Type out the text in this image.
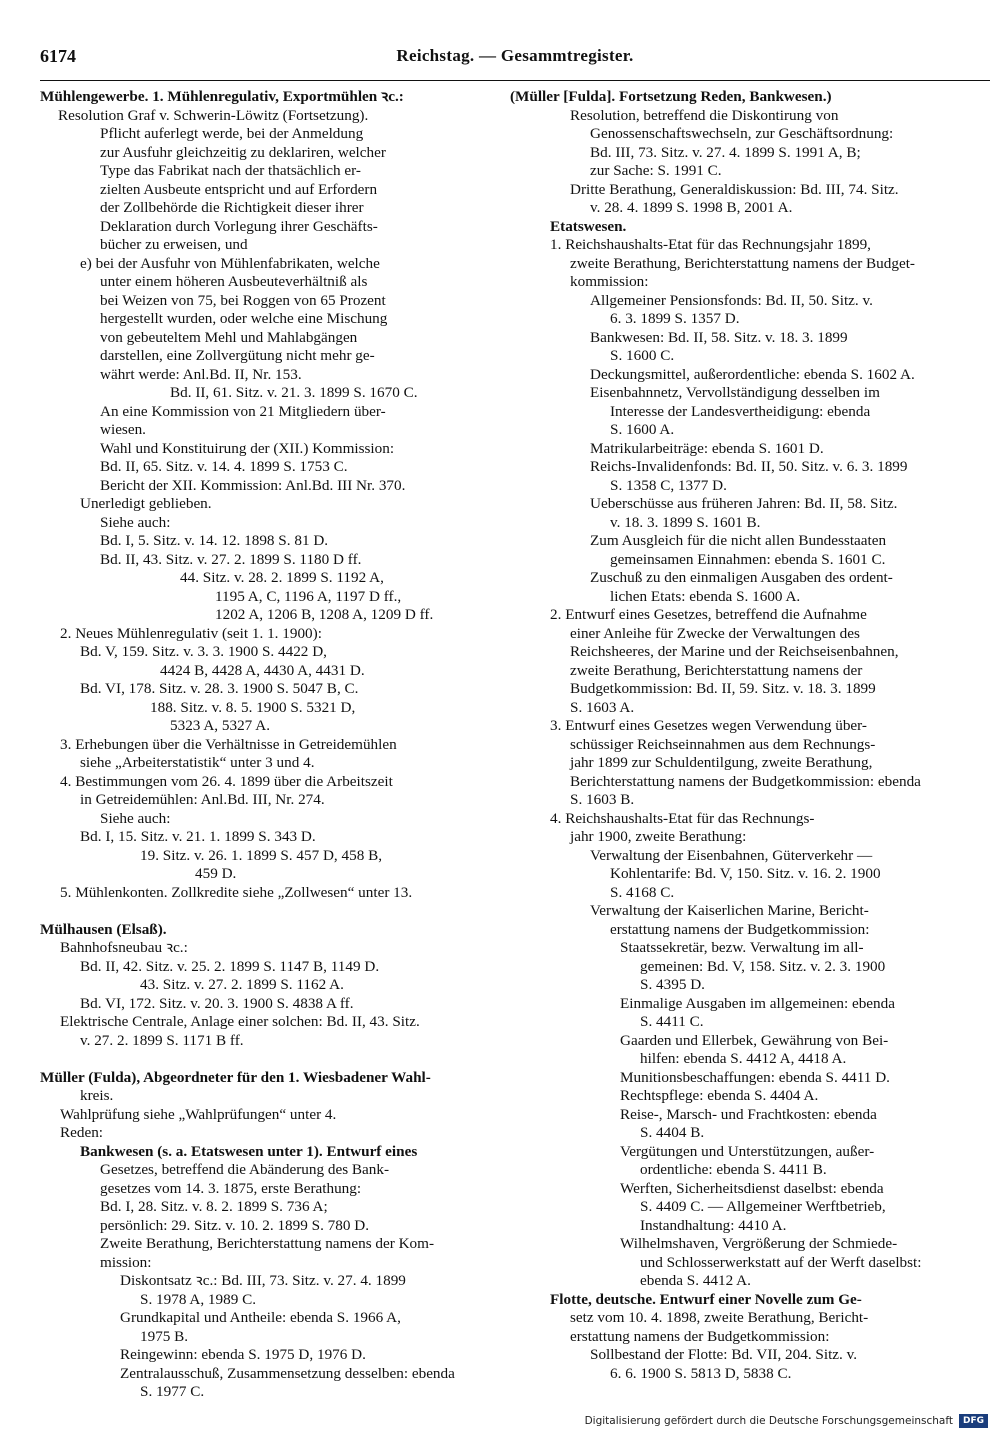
6174	Reichstag. — Gesammtregister.
Mühlengewerbe. 1. Mühlenregulativ, Exportmühlen ꝛc.:
Resolution Graf v. Schwerin-Löwitz (Fortsetzung).
Pflicht auferlegt werde, bei der Anmeldung
zur Ausfuhr gleichzeitig zu deklariren, welcher
Type das Fabrikat nach der thatsächlich er-
zielten Ausbeute entspricht und auf Erfordern
der Zollbehörde die Richtigkeit dieser ihrer
Deklaration durch Vorlegung ihrer Geschäfts-
bücher zu erweisen, und
e) bei der Ausfuhr von Mühlenfabrikaten, welche
unter einem höheren Ausbeuteverhältniß als
bei Weizen von 75, bei Roggen von 65 Prozent
hergestellt wurden, oder welche eine Mischung
von gebeuteltem Mehl und Mahlabgängen
darstellen, eine Zollvergütung nicht mehr ge-
währt werde: Anl.Bd. II, Nr. 153.
Bd. II, 61. Sitz. v. 21. 3. 1899 S. 1670 C.
An eine Kommission von 21 Mitgliedern über-
wiesen.
Wahl und Konstituirung der (XII.) Kommission:
Bd. II, 65. Sitz. v. 14. 4. 1899 S. 1753 C.
Bericht der XII. Kommission: Anl.Bd. III Nr. 370.
Unerledigt geblieben.
Siehe auch:
Bd. I, 5. Sitz. v. 14. 12. 1898 S. 81 D.
Bd. II, 43. Sitz. v. 27. 2. 1899 S. 1180 D ff.
44. Sitz. v. 28. 2. 1899 S. 1192 A,
1195 A, C, 1196 A, 1197 D ff.,
1202 A, 1206 B, 1208 A, 1209 D ff.
2. Neues Mühlenregulativ (seit 1. 1. 1900):
Bd. V, 159. Sitz. v. 3. 3. 1900 S. 4422 D,
4424 B, 4428 A, 4430 A, 4431 D.
Bd. VI, 178. Sitz. v. 28. 3. 1900 S. 5047 B, C.
188. Sitz. v. 8. 5. 1900 S. 5321 D,
5323 A, 5327 A.
3. Erhebungen über die Verhältnisse in Getreidemühlen
siehe „Arbeiterstatistik“ unter 3 und 4.
4. Bestimmungen vom 26. 4. 1899 über die Arbeitszeit
in Getreidemühlen: Anl.Bd. III, Nr. 274.
Siehe auch:
Bd. I, 15. Sitz. v. 21. 1. 1899 S. 343 D.
19. Sitz. v. 26. 1. 1899 S. 457 D, 458 B,
459 D.
5. Mühlenkonten. Zollkredite siehe „Zollwesen“ unter 13.
Mülhausen (Elsaß).
Bahnhofsneubau ꝛc.:
Bd. II, 42. Sitz. v. 25. 2. 1899 S. 1147 B, 1149 D.
43. Sitz. v. 27. 2. 1899 S. 1162 A.
Bd. VI, 172. Sitz. v. 20. 3. 1900 S. 4838 A ff.
Elektrische Centrale, Anlage einer solchen: Bd. II, 43. Sitz.
v. 27. 2. 1899 S. 1171 B ff.
Müller (Fulda), Abgeordneter für den 1. Wiesbadener Wahl-
kreis.
Wahlprüfung siehe „Wahlprüfungen“ unter 4.
Reden:
Bankwesen (s. a. Etatswesen unter 1). Entwurf eines
Gesetzes, betreffend die Abänderung des Bank-
gesetzes vom 14. 3. 1875, erste Berathung:
Bd. I, 28. Sitz. v. 8. 2. 1899 S. 736 A;
persönlich: 29. Sitz. v. 10. 2. 1899 S. 780 D.
Zweite Berathung, Berichterstattung namens der Kom-
mission:
Diskontsatz ꝛc.: Bd. III, 73. Sitz. v. 27. 4. 1899
S. 1978 A, 1989 C.
Grundkapital und Antheile: ebenda S. 1966 A,
1975 B.
Reingewinn: ebenda S. 1975 D, 1976 D.
Zentralausschuß, Zusammensetzung desselben: ebenda
S. 1977 C.
(Müller [Fulda]. Fortsetzung Reden, Bankwesen.)
Resolution, betreffend die Diskontirung von
Genossenschaftswechseln, zur Geschäftsordnung:
Bd. III, 73. Sitz. v. 27. 4. 1899 S. 1991 A, B;
zur Sache: S. 1991 C.
Dritte Berathung, Generaldiskussion: Bd. III, 74. Sitz.
v. 28. 4. 1899 S. 1998 B, 2001 A.
Etatswesen.
1. Reichshaushalts-Etat für das Rechnungsjahr 1899,
zweite Berathung, Berichterstattung namens der Budget-
kommission:
Allgemeiner Pensionsfonds: Bd. II, 50. Sitz. v.
6. 3. 1899 S. 1357 D.
Bankwesen: Bd. II, 58. Sitz. v. 18. 3. 1899
S. 1600 C.
Deckungsmittel, außerordentliche: ebenda S. 1602 A.
Eisenbahnnetz, Vervollständigung desselben im
Interesse der Landesvertheidigung: ebenda
S. 1600 A.
Matrikularbeiträge: ebenda S. 1601 D.
Reichs-Invalidenfonds: Bd. II, 50. Sitz. v. 6. 3. 1899
S. 1358 C, 1377 D.
Ueberschüsse aus früheren Jahren: Bd. II, 58. Sitz.
v. 18. 3. 1899 S. 1601 B.
Zum Ausgleich für die nicht allen Bundesstaaten
gemeinsamen Einnahmen: ebenda S. 1601 C.
Zuschuß zu den einmaligen Ausgaben des ordent-
lichen Etats: ebenda S. 1600 A.
2. Entwurf eines Gesetzes, betreffend die Aufnahme
einer Anleihe für Zwecke der Verwaltungen des
Reichsheeres, der Marine und der Reichseisenbahnen,
zweite Berathung, Berichterstattung namens der
Budgetkommission: Bd. II, 59. Sitz. v. 18. 3. 1899
S. 1603 A.
3. Entwurf eines Gesetzes wegen Verwendung über-
schüssiger Reichseinnahmen aus dem Rechnungs-
jahr 1899 zur Schuldentilgung, zweite Berathung,
Berichterstattung namens der Budgetkommission: ebenda
S. 1603 B.
4. Reichshaushalts-Etat für das Rechnungs-
jahr 1900, zweite Berathung:
Verwaltung der Eisenbahnen, Güterverkehr —
Kohlentarife: Bd. V, 150. Sitz. v. 16. 2. 1900
S. 4168 C.
Verwaltung der Kaiserlichen Marine, Bericht-
erstattung namens der Budgetkommission:
Staatssekretär, bezw. Verwaltung im all-
gemeinen: Bd. V, 158. Sitz. v. 2. 3. 1900
S. 4395 D.
Einmalige Ausgaben im allgemeinen: ebenda
S. 4411 C.
Gaarden und Ellerbek, Gewährung von Bei-
hilfen: ebenda S. 4412 A, 4418 A.
Munitionsbeschaffungen: ebenda S. 4411 D.
Rechtspflege: ebenda S. 4404 A.
Reise-, Marsch- und Frachtkosten: ebenda
S. 4404 B.
Vergütungen und Unterstützungen, außer-
ordentliche: ebenda S. 4411 B.
Werften, Sicherheitsdienst daselbst: ebenda
S. 4409 C. — Allgemeiner Werftbetrieb,
Instandhaltung: 4410 A.
Wilhelmshaven, Vergrößerung der Schmiede-
und Schlosserwerkstatt auf der Werft daselbst:
ebenda S. 4412 A.
Flotte, deutsche. Entwurf einer Novelle zum Ge-
setz vom 10. 4. 1898, zweite Berathung, Bericht-
erstattung namens der Budgetkommission:
Sollbestand der Flotte: Bd. VII, 204. Sitz. v.
6. 6. 1900 S. 5813 D, 5838 C.
Digitalisierung gefördert durch die Deutsche Forschungsgemeinschaft	DFG
